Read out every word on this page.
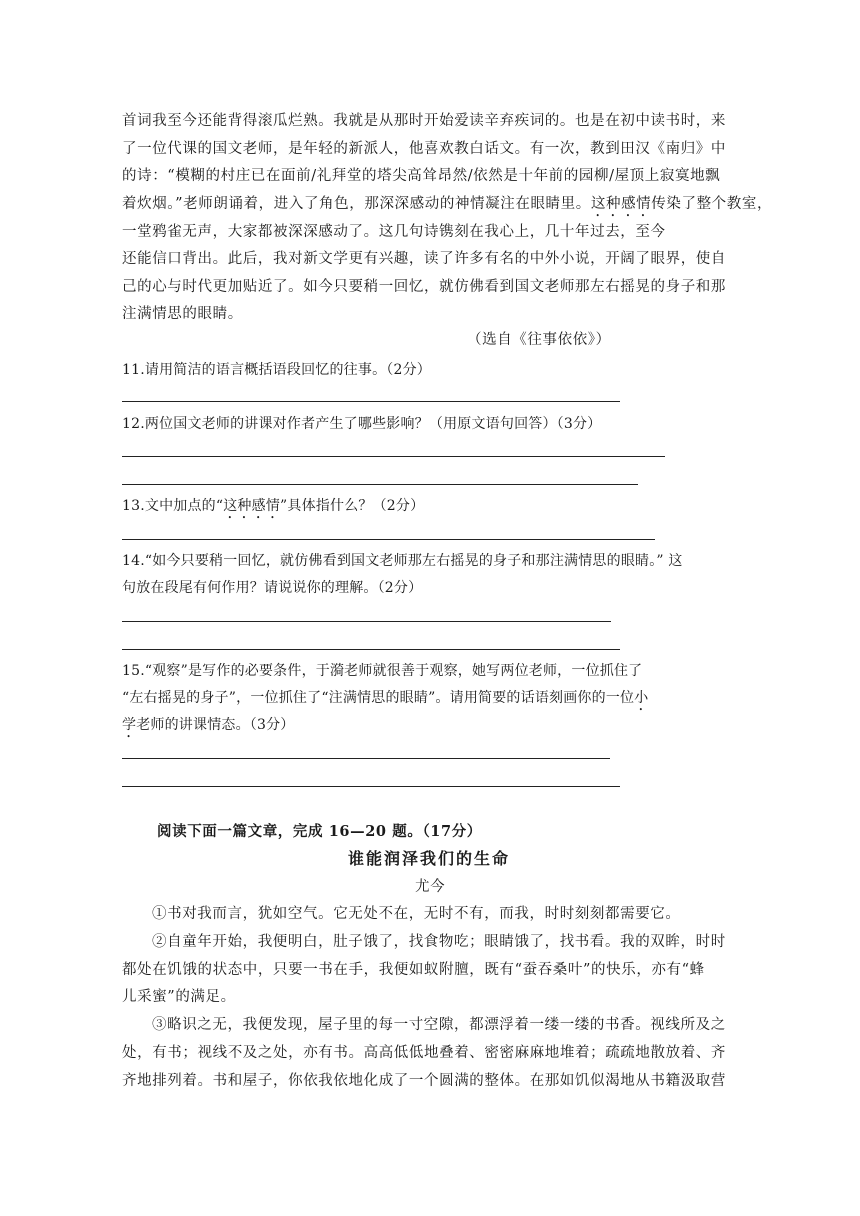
首词我至今还能背得滚瓜烂熟。我就是从那时开始爱读辛弃疾词的。也是在初中读书时，来
了一位代课的国文老师，是年轻的新派人，他喜欢教白话文。有一次，教到田汉《南归》中
的诗：“模糊的村庄已在面前/礼拜堂的塔尖高耸昂然/依然是十年前的园柳/屋顶上寂寞地飘
着炊烟。”老师朗诵着，进入了角色，那深深感动的神情凝注在眼睛里。这种感情传染了整个教室，
一堂鸦雀无声，大家都被深深感动了。这几句诗镌刻在我心上，几十年过去，至今
还能信口背出。此后，我对新文学更有兴趣，读了许多有名的中外小说，开阔了眼界，使自
己的心与时代更加贴近了。如今只要稍一回忆，就仿佛看到国文老师那左右摇晃的身子和那
注满情思的眼睛。
（选自《往事依依》）
11.请用简洁的语言概括语段回忆的往事。（2分）
12.两位国文老师的讲课对作者产生了哪些影响？（用原文语句回答）（3分）
13.文中加点的“这种感情”具体指什么？（2分）
14.“如今只要稍一回忆，就仿佛看到国文老师那左右摇晃的身子和那注满情思的眼睛。” 这
句放在段尾有何作用？请说说你的理解。（2分）
15.“观察”是写作的必要条件，于漪老师就很善于观察，她写两位老师，一位抓住了
“左右摇晃的身子”，一位抓住了“注满情思的眼睛”。请用简要的话语刻画你的一位小
学老师的讲课情态。（3分）
阅读下面一篇文章，完成 16—20 题。（17分）
谁能润泽我们的生命
尤今
①书对我而言，犹如空气。它无处不在，无时不有，而我，时时刻刻都需要它。
②自童年开始，我便明白，肚子饿了，找食物吃；眼睛饿了，找书看。我的双眸，时时
都处在饥饿的状态中，只要一书在手，我便如蚁附膻，既有“蚕吞桑叶”的快乐，亦有“蜂
儿采蜜”的满足。
③略识之无，我便发现，屋子里的每一寸空隙，都漂浮着一缕一缕的书香。视线所及之
处，有书；视线不及之处，亦有书。高高低低地叠着、密密麻麻地堆着；疏疏地散放着、齐
齐地排列着。书和屋子，你依我依地化成了一个圆满的整体。在那如饥似渴地从书籍汲取营
